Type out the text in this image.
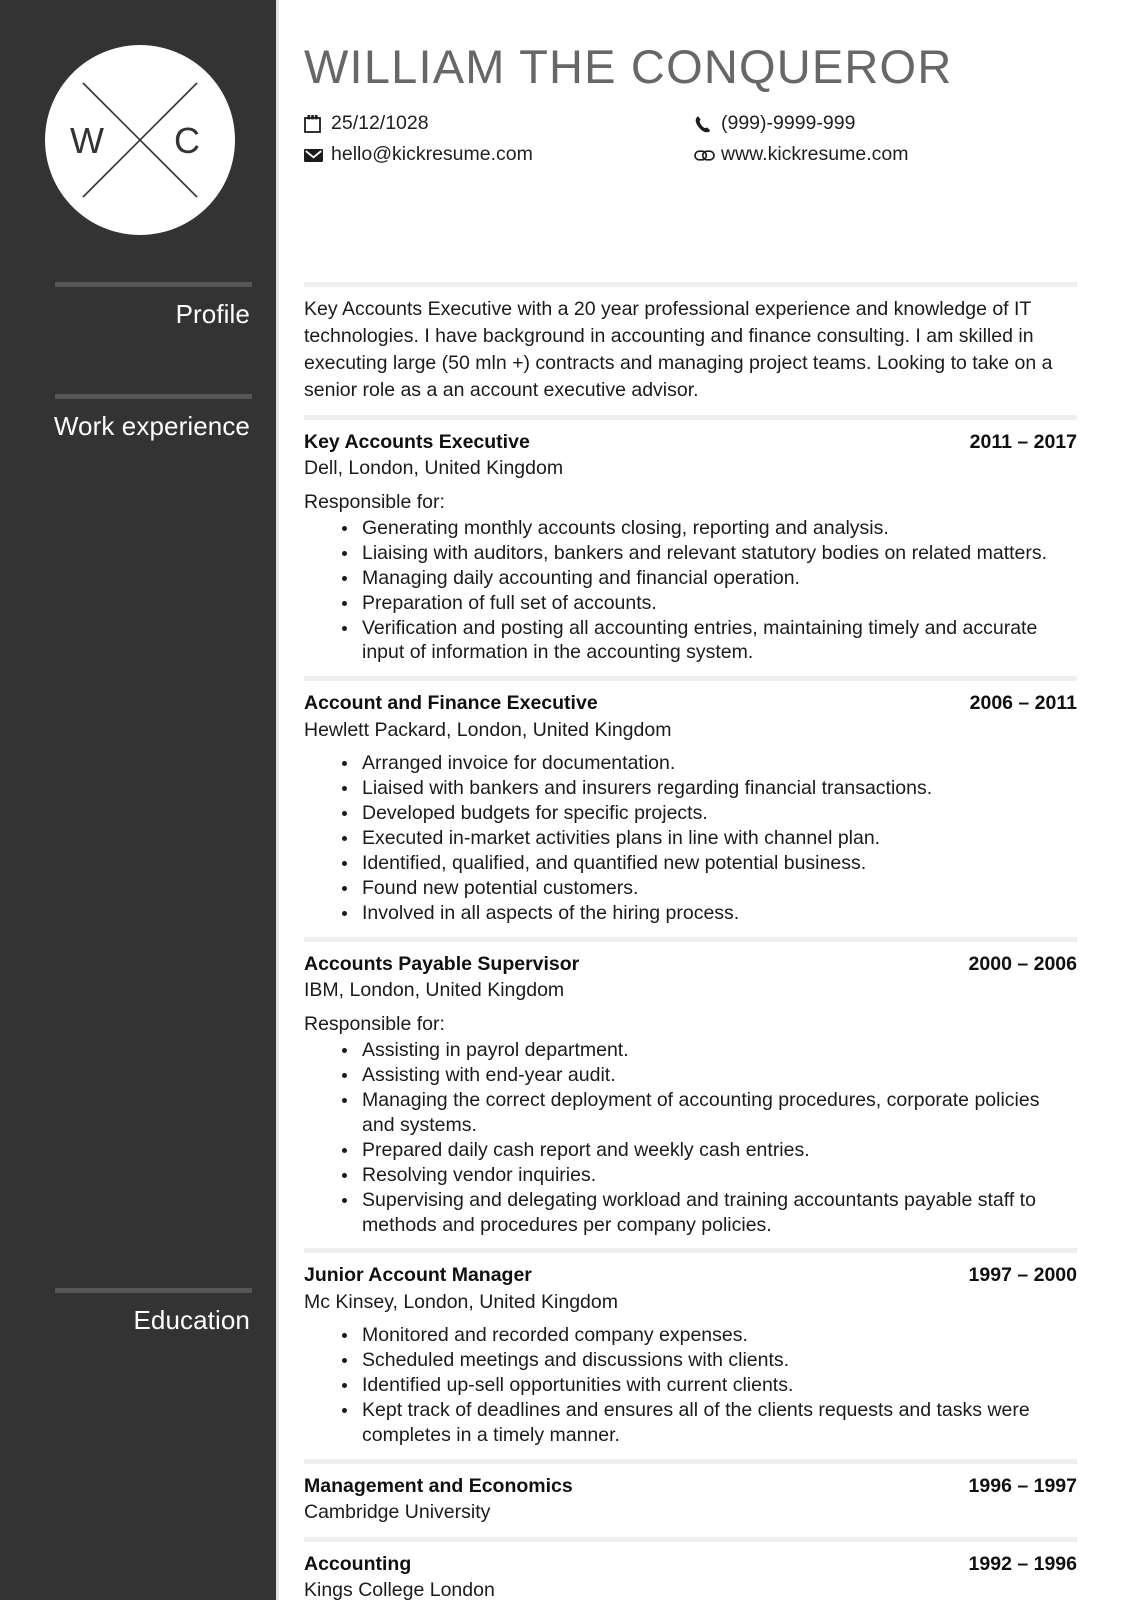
W C
Profile
Work experience
Education
WILLIAM THE CONQUEROR
25/12/1028
hello@kickresume.com
(999)-9999-999
www.kickresume.com

Key Accounts Executive with a 20 year professional experience and knowledge of IT technologies. I have background in accounting and finance consulting. I am skilled in executing large (50 mln +) contracts and managing project teams. Looking to take on a senior role as a an account executive advisor.

Key Accounts Executive	2011 – 2017
Dell, London, United Kingdom
Responsible for:
Generating monthly accounts closing, reporting and analysis.
Liaising with auditors, bankers and relevant statutory bodies on related matters.
Managing daily accounting and financial operation.
Preparation of full set of accounts.
Verification and posting all accounting entries, maintaining timely and accurate input of information in the accounting system.
Account and Finance Executive	2006 – 2011
Hewlett Packard, London, United Kingdom
Arranged invoice for documentation.
Liaised with bankers and insurers regarding financial transactions.
Developed budgets for specific projects.
Executed in-market activities plans in line with channel plan.
Identified, qualified, and quantified new potential business.
Found new potential customers.
Involved in all aspects of the hiring process.
Accounts Payable Supervisor	2000 – 2006
IBM, London, United Kingdom
Responsible for:
Assisting in payrol department.
Assisting with end-year audit.
Managing the correct deployment of accounting procedures, corporate policies and systems.
Prepared daily cash report and weekly cash entries.
Resolving vendor inquiries.
Supervising and delegating workload and training accountants payable staff to methods and procedures per company policies.
Junior Account Manager	1997 – 2000
Mc Kinsey, London, United Kingdom
Monitored and recorded company expenses.
Scheduled meetings and discussions with clients.
Identified up-sell opportunities with current clients.
Kept track of deadlines and ensures all of the clients requests and tasks were completes in a timely manner.
Management and Economics	1996 – 1997
Cambridge University
Accounting	1992 – 1996
Kings College London
